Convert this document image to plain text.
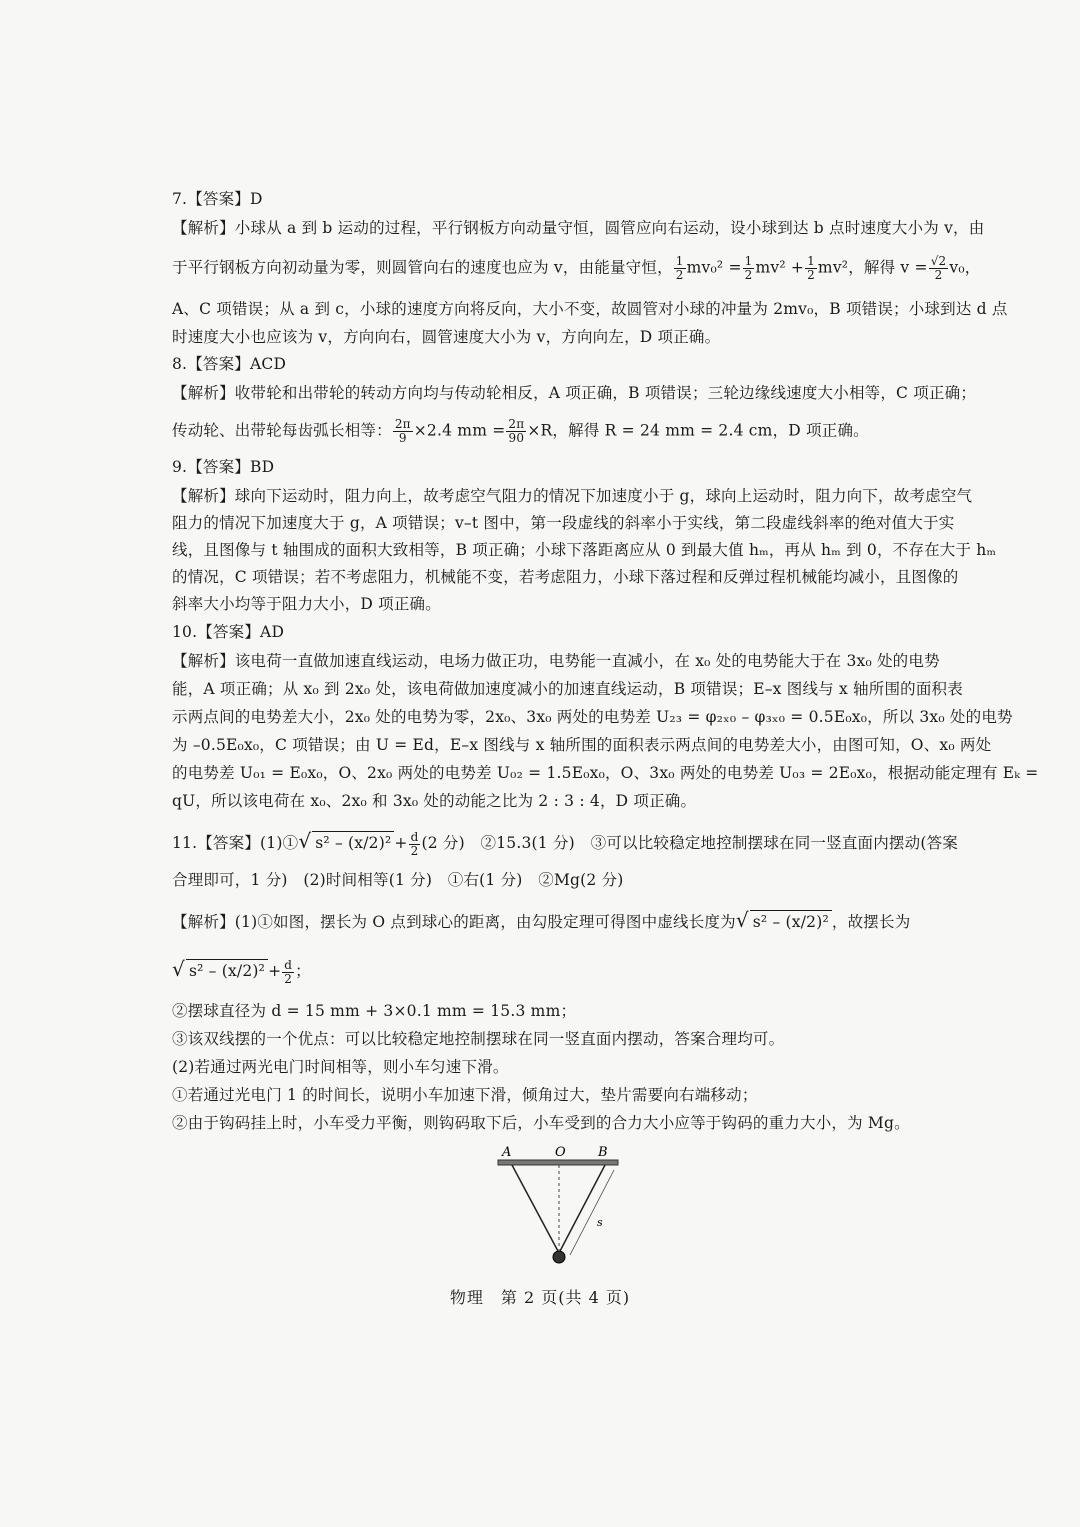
7.【答案】D
【解析】小球从 a 到 b 运动的过程，平行钢板方向动量守恒，圆管应向右运动，设小球到达 b 点时速度大小为 v，由
于平行钢板方向初动量为零，则圆管向右的速度也应为 v，由能量守恒， $\frac{1}{2} mv_0^2 = \frac{1}{2} mv^2 + \frac{1}{2} mv^2$，解得 $v = \frac{√2}{2} v_0$，
A、C 项错误；从 a 到 c，小球的速度方向将反向，大小不变，故圆管对小球的冲量为 2mv₀，B 项错误；小球到达 d 点
时速度大小也应该为 v，方向向右，圆管速度大小为 v，方向向左，D 项正确。
8.【答案】ACD
【解析】收带轮和出带轮的转动方向均与传动轮相反，A 项正确，B 项错误；三轮边缘线速度大小相等，C 项正确；
传动轮、出带轮每齿弧长相等： $\frac{2\pi}{9} \times 2.4$ mm = $\frac{2\pi}{90} \times R$，解得 R = 24 mm = 2.4 cm，D 项正确。
9.【答案】BD
【解析】球向下运动时，阻力向上，故考虑空气阻力的情况下加速度小于 g，球向上运动时，阻力向下，故考虑空气
阻力的情况下加速度大于 g，A 项错误；v–t 图中，第一段虚线的斜率小于实线，第二段虚线斜率的绝对值大于实
线，且图像与 t 轴围成的面积大致相等，B 项正确；小球下落距离应从 0 到最大值 hₘ，再从 hₘ 到 0，不存在大于 hₘ
的情况，C 项错误；若不考虑阻力，机械能不变，若考虑阻力，小球下落过程和反弹过程机械能均减小，且图像的
斜率大小均等于阻力大小，D 项正确。
10.【答案】AD
【解析】该电荷一直做加速直线运动，电场力做正功，电势能一直减小，在 x₀ 处的电势能大于在 3x₀ 处的电势
能，A 项正确；从 x₀ 到 2x₀ 处，该电荷做加速度减小的加速直线运动，B 项错误；E–x 图线与 x 轴所围的面积表
示两点间的电势差大小，2x₀ 处的电势为零，2x₀、3x₀ 两处的电势差 U₂₃ = φ₂ₓ₀ – φ₃ₓ₀ = 0.5E₀x₀，所以 3x₀ 处的电势
为 –0.5E₀x₀，C 项错误；由 U = Ed，E–x 图线与 x 轴所围的面积表示两点间的电势差大小，由图可知，O、x₀ 两处
的电势差 U₀₁ = E₀x₀，O、2x₀ 两处的电势差 U₀₂ = 1.5E₀x₀，O、3x₀ 两处的电势差 U₀₃ = 2E₀x₀，根据动能定理有 Eₖ =
qU，所以该电荷在 x₀、2x₀ 和 3x₀ 处的动能之比为 2 : 3 : 4，D 项正确。
11.【答案】(1)①√ $s^2 - (x/2)^2 + \frac{d}{2} (2$ 分)　②15.3(1 分)　③可以比较稳定地控制摆球在同一竖直面内摆动(答案
合理即可，1 分)　(2)时间相等(1 分)　①右(1 分)　②Mg(2 分)
【解析】(1)①如图，摆长为 O 点到球心的距离，由勾股定理可得图中虚线长度为√ s² – (x/2)² ，故摆长为
√ $s^2 - (x/2)^2 + \frac{d}{2}$ ；
②摆球直径为 d = 15 mm + 3×0.1 mm = 15.3 mm；
③该双线摆的一个优点：可以比较稳定地控制摆球在同一竖直面内摆动，答案合理均可。
(2)若通过两光电门时间相等，则小车匀速下滑。
①若通过光电门 1 的时间长，说明小车加速下滑，倾角过大，垫片需要向右端移动；
②由于钩码挂上时，小车受力平衡，则钩码取下后，小车受到的合力大小应等于钩码的重力大小，为 Mg。
A	O B
s
物理　第 2 页(共 4 页)
